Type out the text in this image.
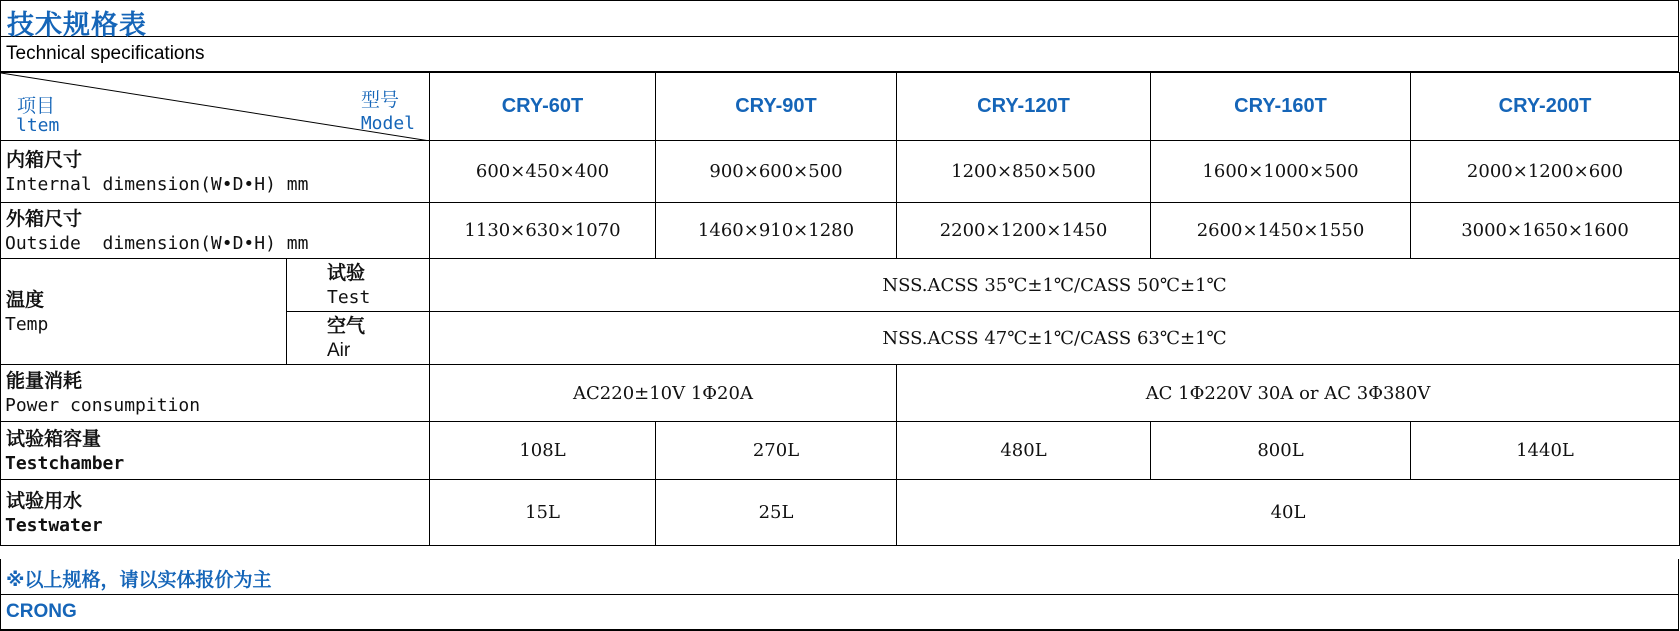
技术规格表
Technical specifications
项目
ltem
型号
Model		CRY-60T	CRY-90T	CRY-120T	CRY-160T	CRY-200T

内箱尺寸
Internal dimension(W•D•H) mm		600×450×400	900×600×500	1200×850×500	1600×1000×500	2000×1200×600

外箱尺寸
Outside  dimension(W•D•H) mm		1130×630×1070	1460×910×1280	2200×1200×1450	2600×1450×1550	3000×1650×1600

温度
Temp	试验
Test	NSS.ACSS 35℃±1℃/CASS 50℃±1℃				

	空气
Air	NSS.ACSS 47℃±1℃/CASS 63℃±1℃				

能量消耗
Power consumpition		AC220±10V 1Φ20A		AC 1Φ220V 30A or AC 3Φ380V		

试验箱容量
Testchamber		108L	270L	480L	800L	1440L

试验用水
Testwater		15L	25L	40L		
※以上规格，请以实体报价为主
CRONG
